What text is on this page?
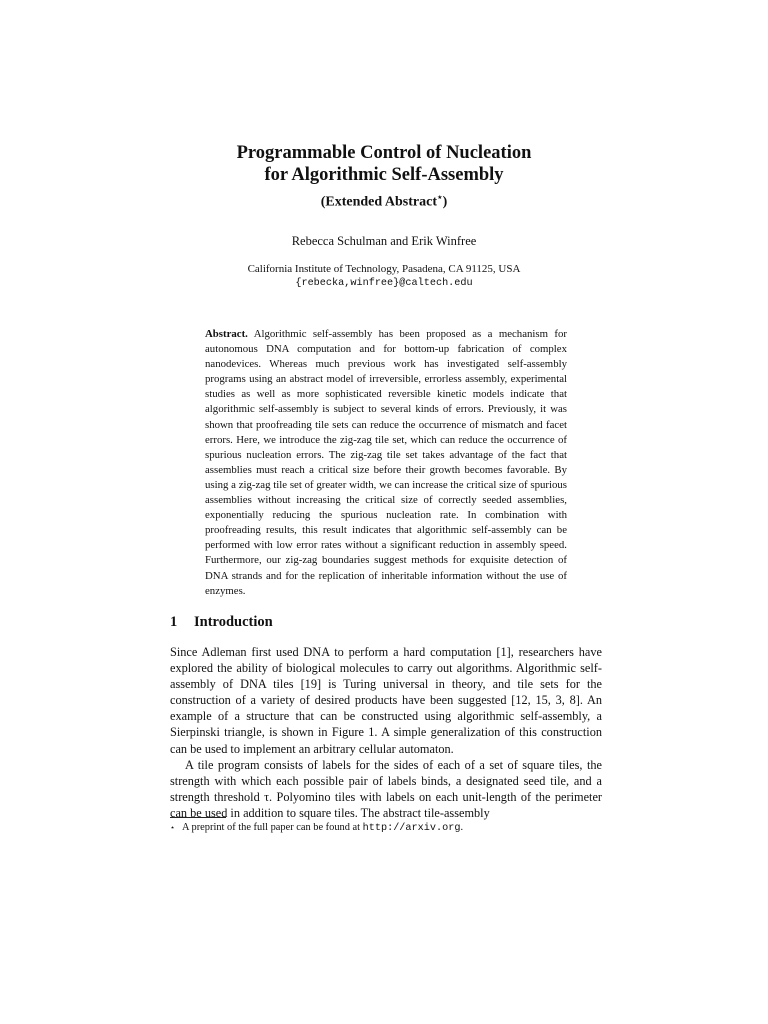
Programmable Control of Nucleation
for Algorithmic Self-Assembly
(Extended Abstract⋆)
Rebecca Schulman and Erik Winfree
California Institute of Technology, Pasadena, CA 91125, USA
{rebecka,winfree}@caltech.edu
Abstract. Algorithmic self-assembly has been proposed as a mechanism for autonomous DNA computation and for bottom-up fabrication of complex nanodevices. Whereas much previous work has investigated self-assembly programs using an abstract model of irreversible, errorless assembly, experimental studies as well as more sophisticated reversible kinetic models indicate that algorithmic self-assembly is subject to several kinds of errors. Previously, it was shown that proofreading tile sets can reduce the occurrence of mismatch and facet errors. Here, we introduce the zig-zag tile set, which can reduce the occurrence of spurious nucleation errors. The zig-zag tile set takes advantage of the fact that assemblies must reach a critical size before their growth becomes favorable. By using a zig-zag tile set of greater width, we can increase the critical size of spurious assemblies without increasing the critical size of correctly seeded assemblies, exponentially reducing the spurious nucleation rate. In combination with proofreading results, this result indicates that algorithmic self-assembly can be performed with low error rates without a significant reduction in assembly speed. Furthermore, our zig-zag boundaries suggest methods for exquisite detection of DNA strands and for the replication of inheritable information without the use of enzymes.
1 Introduction

Since Adleman first used DNA to perform a hard computation [1], researchers have explored the ability of biological molecules to carry out algorithms. Algorithmic self-assembly of DNA tiles [19] is Turing universal in theory, and tile sets for the construction of a variety of desired products have been suggested [12, 15, 3, 8]. An example of a structure that can be constructed using algorithmic self-assembly, a Sierpinski triangle, is shown in Figure 1. A simple generalization of this construction can be used to implement an arbitrary cellular automaton.

A tile program consists of labels for the sides of each of a set of square tiles, the strength with which each possible pair of labels binds, a designated seed tile, and a strength threshold τ. Polyomino tiles with labels on each unit-length of the perimeter can be used in addition to square tiles. The abstract tile-assembly

⋆ A preprint of the full paper can be found at http://arxiv.org.
